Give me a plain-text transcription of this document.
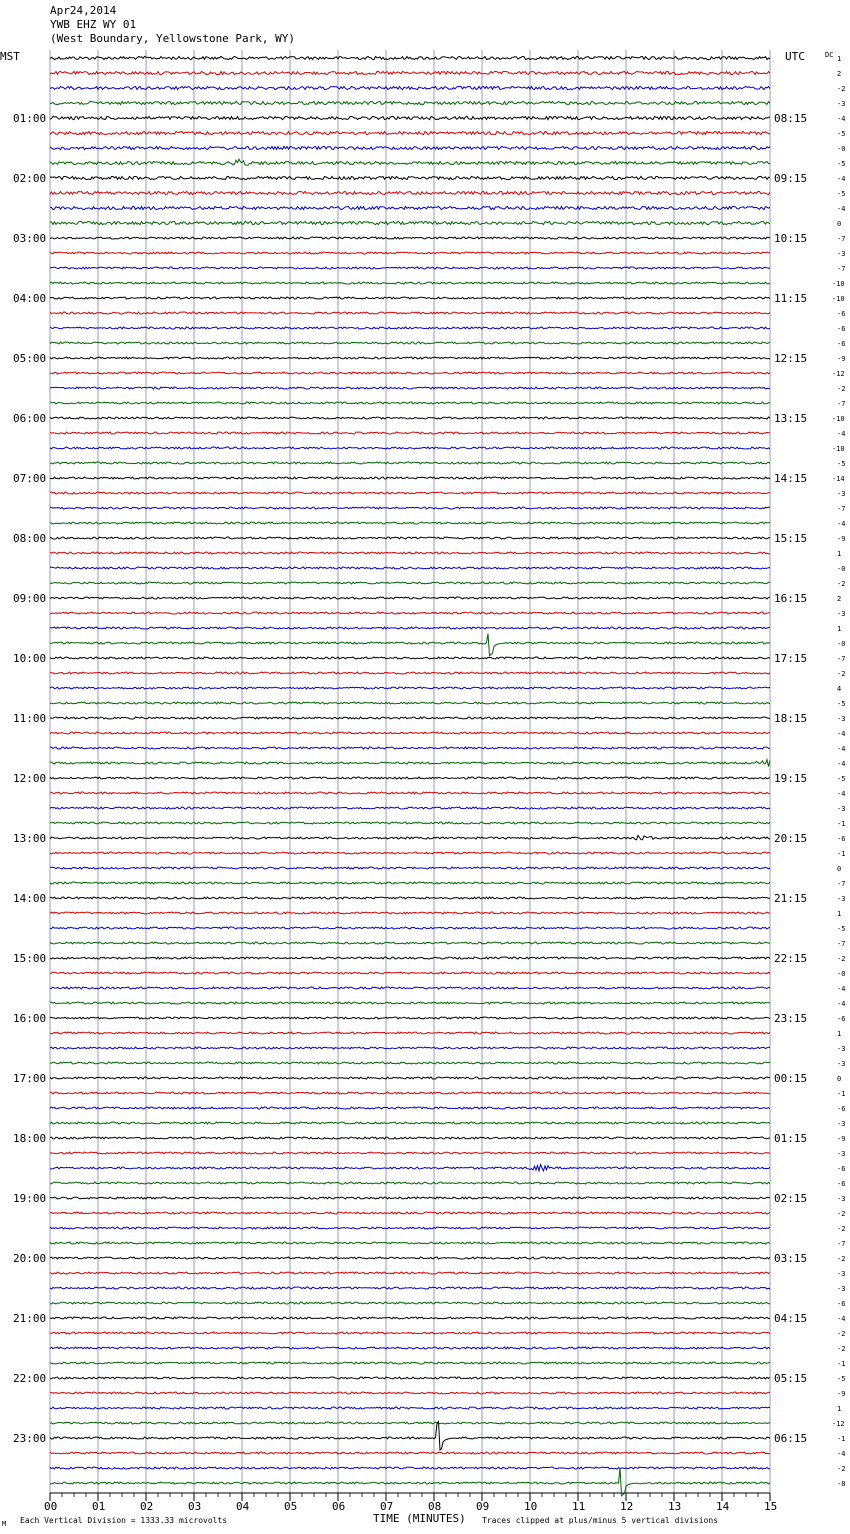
Apr24,2014
YWB EHZ WY 01
(West Boundary, Yellowstone Park, WY)
00	01	02	03	04	05	06	07	08	09	10	11	12	13	14	15
1
2
-2
-3
-4
-5
-0
-5
-4
-5
-4
0
-7
-3
-7
-10
-10
-6
-6
-6
-9
-12
-2
-7
-10
-4
-10
-5
-14
-3
-7
-4
-9
1
-0
-2
2
-3
1
-0
-7
-2
4
-5
-3
-4
-4
-4
-5
-4
-3
-1
-6
-1
0
-7
-3
1
-5
-7
-2
-0
-4
-4
-6
1
-3
-3
0
-1
-6
-3
-9
-3
-6
-6
-3
-2
-2
-7
-2
-3
-3
-6
-4
-2
-2
-1
-5
-9
1
-12
-1
-4
-2
-8
01:00
02:00
03:00
04:00
05:00
06:00
07:00
08:00
09:00
10:00
11:00
12:00
13:00
14:00
15:00
16:00
17:00
18:00
19:00
20:00
21:00
22:00
23:00
08:15
09:15
10:15
11:15
12:15
13:15
14:15
15:15
16:15
17:15
18:15
19:15
20:15
21:15
22:15
23:15
00:15
01:15
02:15
03:15
04:15
05:15
06:15
MST	UTC	DC
TIME (MINUTES)
M Each Vertical Division = 1333.33 microvolts	Traces clipped at plus/minus 5 vertical divisions
